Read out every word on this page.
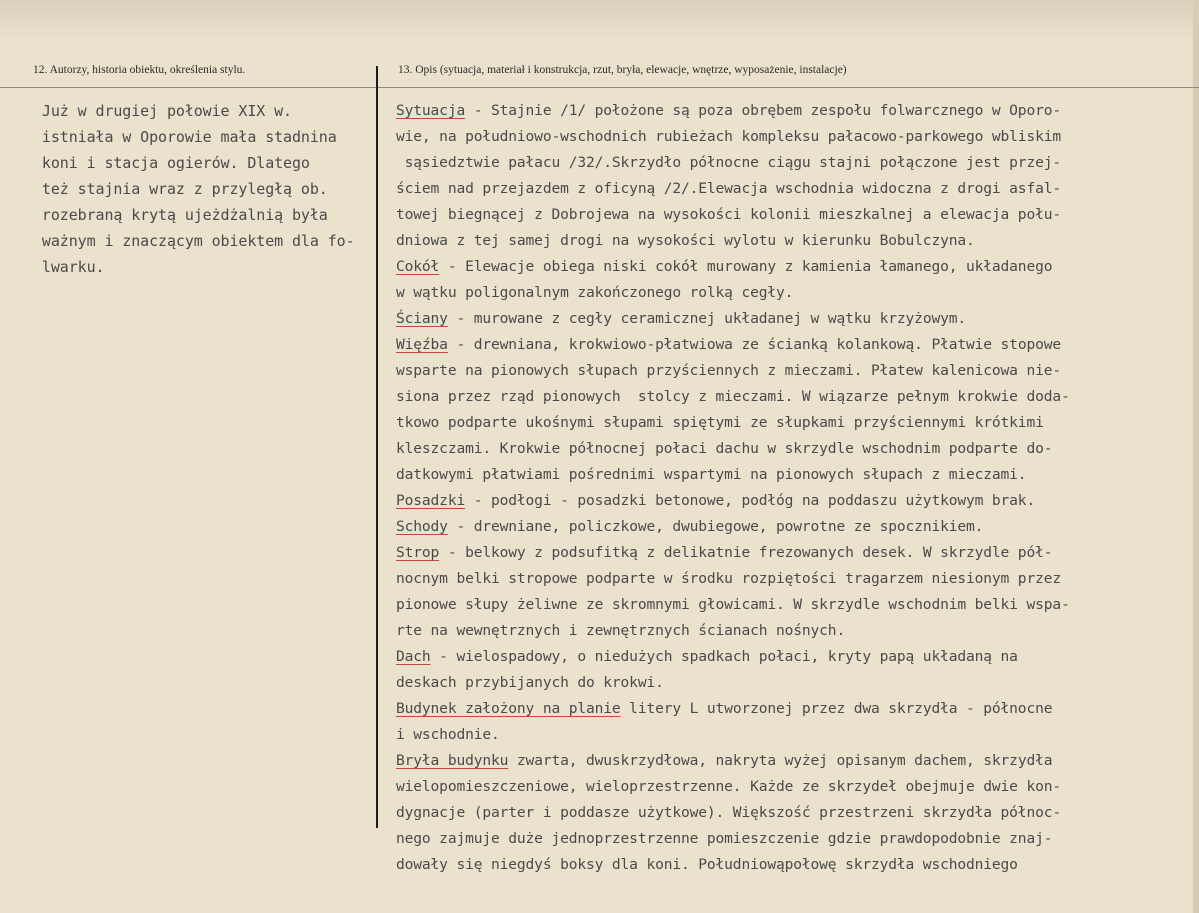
12. Autorzy, historia obiektu, określenia stylu.	13. Opis (sytuacja, materiał i konstrukcja, rzut, bryła, elewacje, wnętrze, wyposażenie, instalacje)
Już w drugiej połowie XIX w.
istniała w Oporowie mała stadnina
koni i stacja ogierów. Dlatego
też stajnia wraz z przyległą ob.
rozebraną krytą ujeżdżalnią była
ważnym i znaczącym obiektem dla fo-
lwarku.
Sytuacja - Stajnie /1/ położone są poza obrębem zespołu folwarcznego w Oporo-
wie, na południowo-wschodnich rubieżach kompleksu pałacowo-parkowego wbliskim
sąsiedztwie pałacu /32/.Skrzydło północne ciągu stajni połączone jest przej-
ściem nad przejazdem z oficyną /2/.Elewacja wschodnia widoczna z drogi asfal-
towej biegnącej z Dobrojewa na wysokości kolonii mieszkalnej a elewacja połu-
dniowa z tej samej drogi na wysokości wylotu w kierunku Bobulczyna.
Cokół - Elewacje obiega niski cokół murowany z kamienia łamanego, układanego
w wątku poligonalnym zakończonego rolką cegły.
Ściany - murowane z cegły ceramicznej układanej w wątku krzyżowym.
Więźba - drewniana, krokwiowo-płatwiowa ze ścianką kolankową. Płatwie stopowe
wsparte na pionowych słupach przyściennych z mieczami. Płatew kalenicowa nie-
siona przez rząd pionowych  stolcy z mieczami. W wiązarze pełnym krokwie doda-
tkowo podparte ukośnymi słupami spiętymi ze słupkami przyściennymi krótkimi
kleszczami. Krokwie północnej połaci dachu w skrzydle wschodnim podparte do-
datkowymi płatwiami pośrednimi wspartymi na pionowych słupach z mieczami.
Posadzki - podłogi - posadzki betonowe, podłóg na poddaszu użytkowym brak.
Schody - drewniane, policzkowe, dwubiegowe, powrotne ze spocznikiem.
Strop - belkowy z podsufitką z delikatnie frezowanych desek. W skrzydle pół-
nocnym belki stropowe podparte w środku rozpiętości tragarzem niesionym przez
pionowe słupy żeliwne ze skromnymi głowicami. W skrzydle wschodnim belki wspa-
rte na wewnętrznych i zewnętrznych ścianach nośnych.
Dach - wielospadowy, o niedużych spadkach połaci, kryty papą układaną na
deskach przybijanych do krokwi.
Budynek założony na planie litery L utworzonej przez dwa skrzydła - północne
i wschodnie.
Bryła budynku zwarta, dwuskrzydłowa, nakryta wyżej opisanym dachem, skrzydła
wielopomieszczeniowe, wieloprzestrzenne. Każde ze skrzydeł obejmuje dwie kon-
dygnacje (parter i poddasze użytkowe). Większość przestrzeni skrzydła północ-
nego zajmuje duże jednoprzestrzenne pomieszczenie gdzie prawdopodobnie znaj-
dowały się niegdyś boksy dla koni. Południowąpołowę skrzydła wschodniego
